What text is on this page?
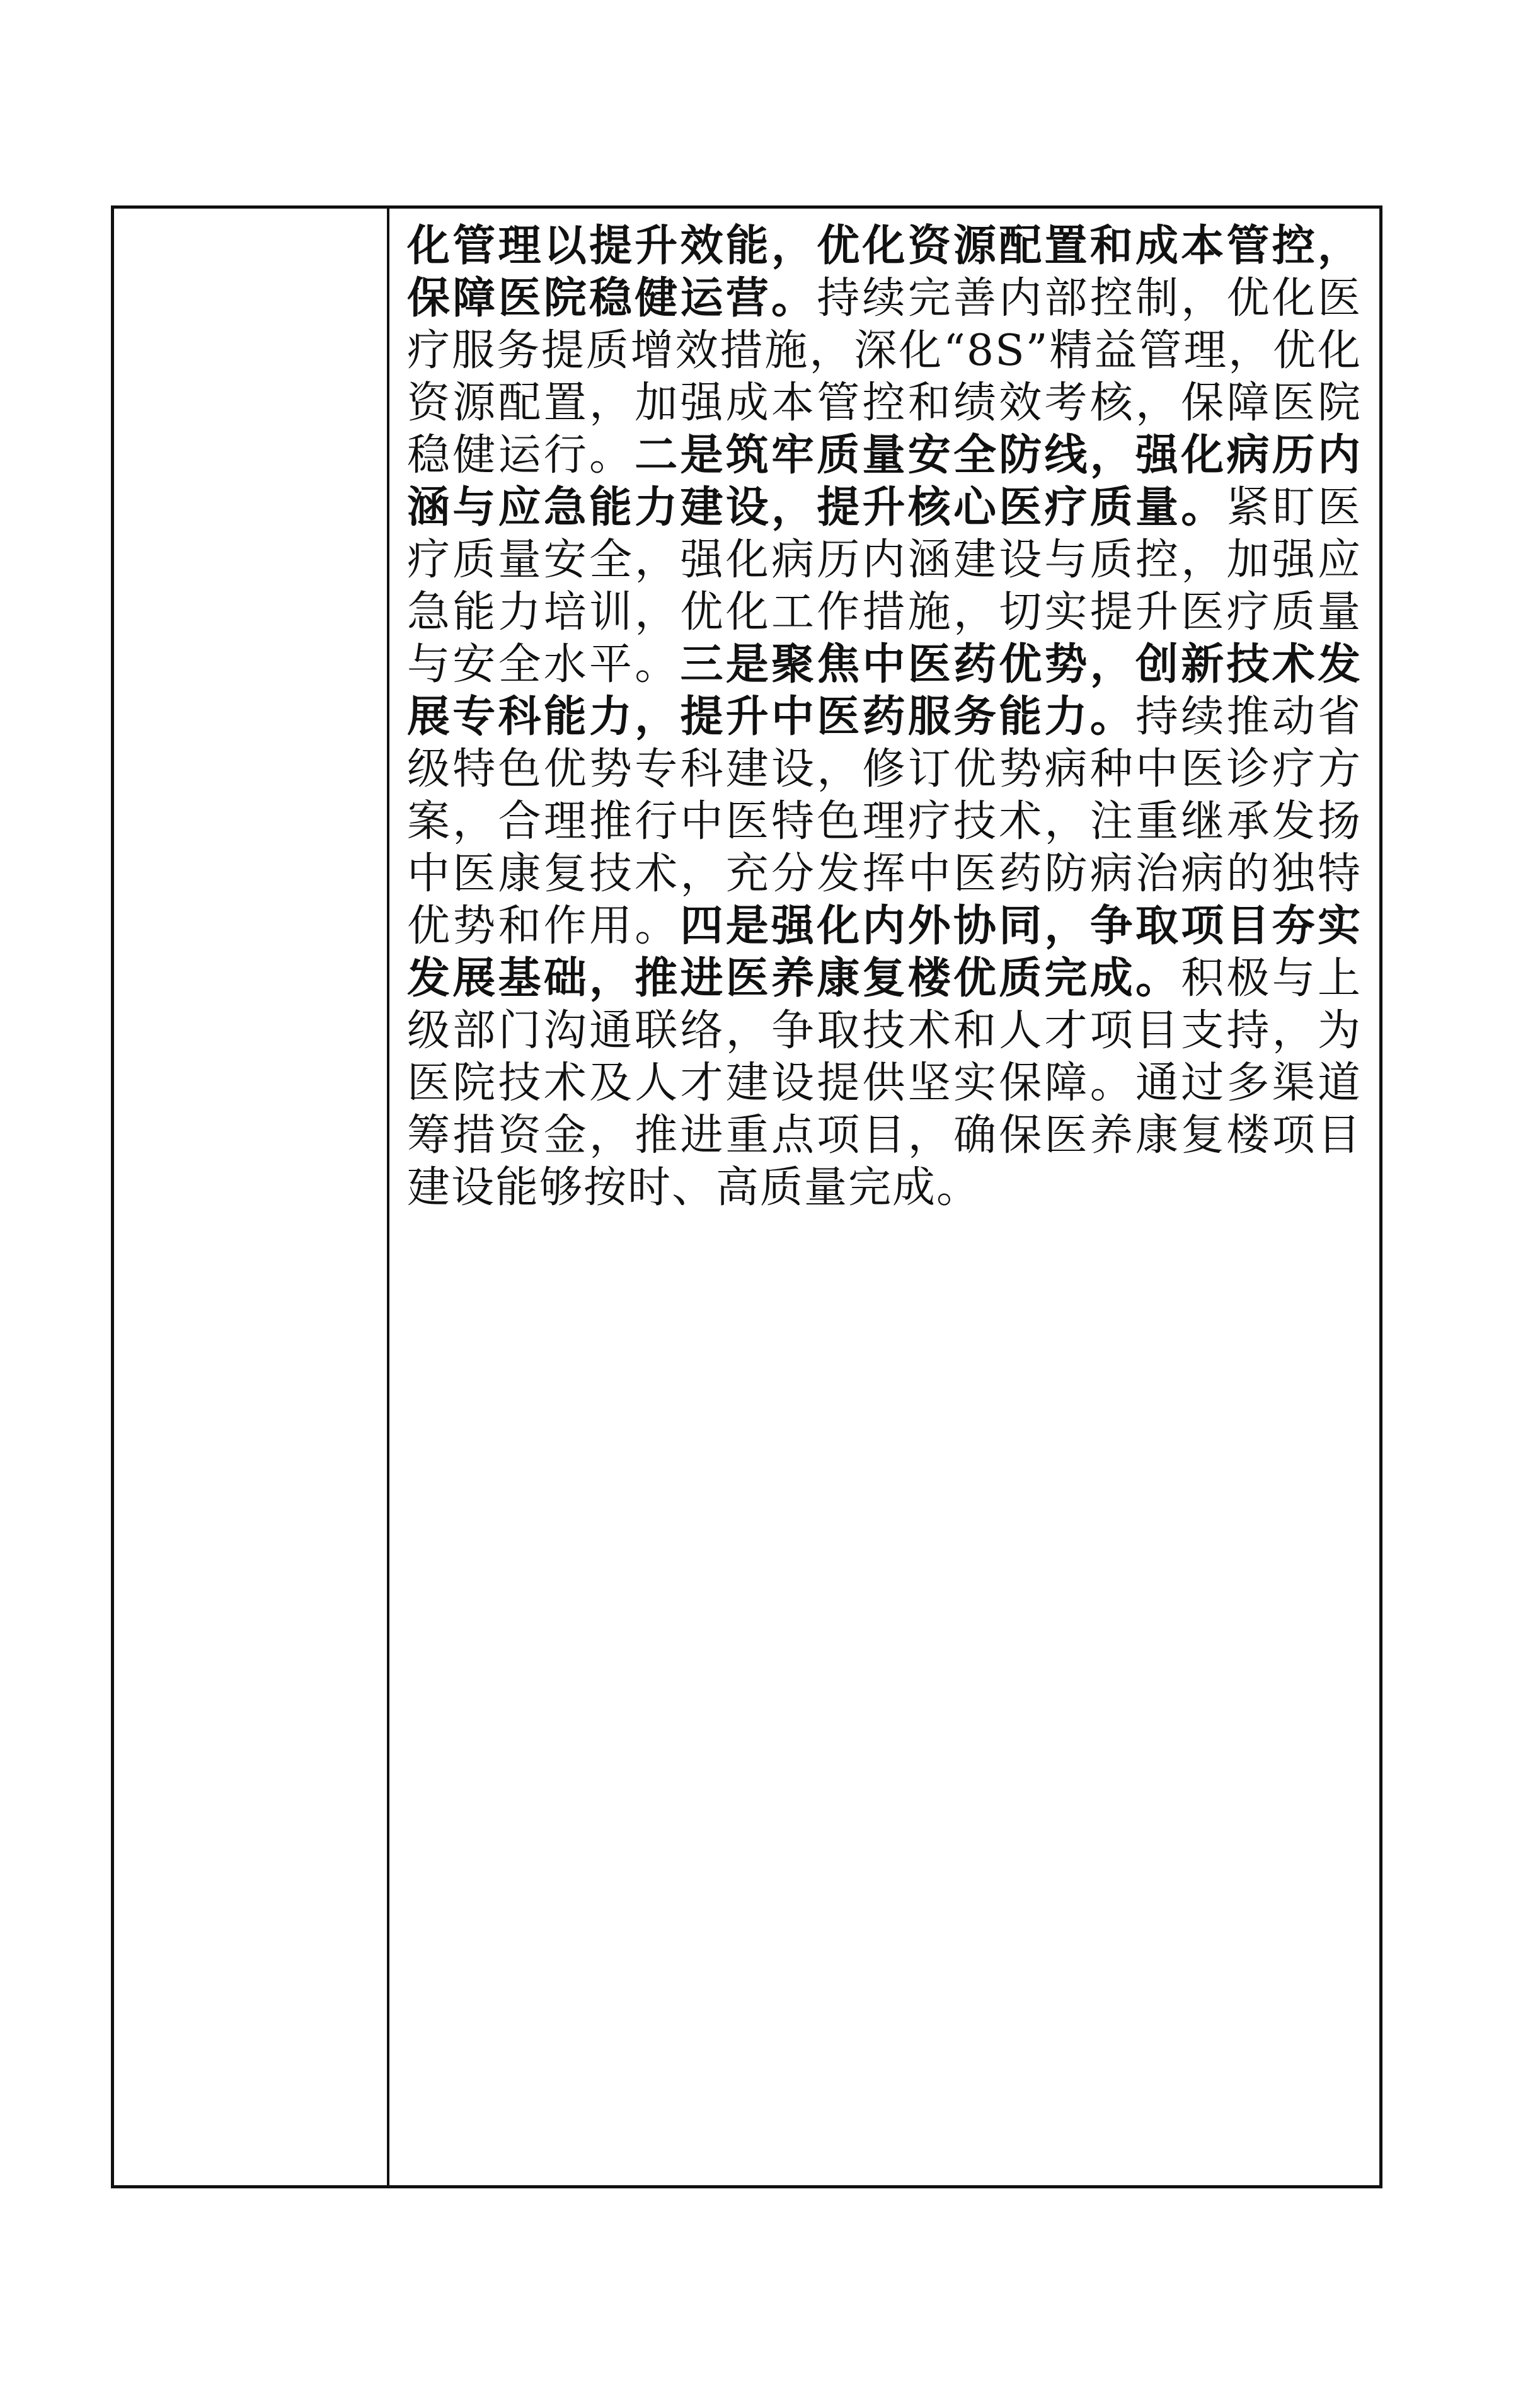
化管理以提升效能，优化资源配置和成本管控，保障医院稳健运营。持续完善内部控制，优化医疗服务提质增效措施，深化“8S”精益管理，优化资源配置，加强成本管控和绩效考核，保障医院稳健运行。二是筑牢质量安全防线，强化病历内涵与应急能力建设，提升核心医疗质量。紧盯医疗质量安全，强化病历内涵建设与质控，加强应急能力培训，优化工作措施，切实提升医疗质量与安全水平。三是聚焦中医药优势，创新技术发展专科能力，提升中医药服务能力。持续推动省级特色优势专科建设，修订优势病种中医诊疗方案，合理推行中医特色理疗技术，注重继承发扬中医康复技术，充分发挥中医药防病治病的独特优势和作用。四是强化内外协同，争取项目夯实发展基础，推进医养康复楼优质完成。积极与上级部门沟通联络，争取技术和人才项目支持，为医院技术及人才建设提供坚实保障。通过多渠道筹措资金，推进重点项目，确保医养康复楼项目建设能够按时、高质量完成。
